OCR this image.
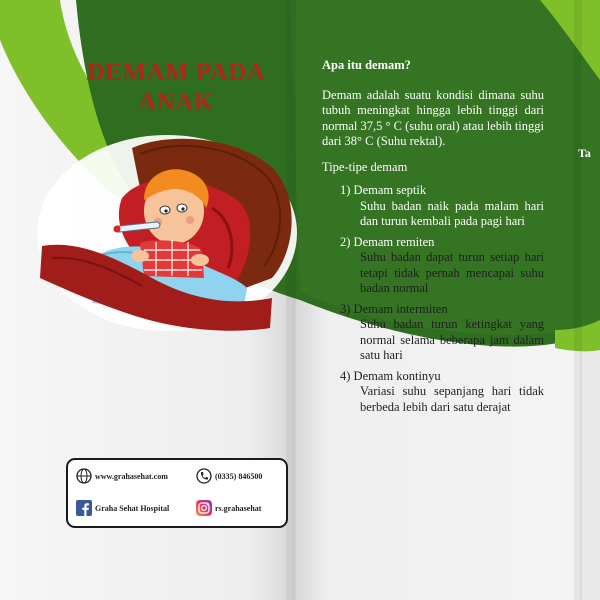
DEMAM PADA
ANAK
www.grahasehat.com	(0335) 846500
Graha Sehat Hospital	rs.grahasehat
Apa itu demam?
Demam adalah suatu kondisi dimana suhu tubuh meningkat hingga lebih tinggi dari normal 37,5 ° C (suhu oral) atau lebih tinggi dari 38° C (Suhu rektal).
Tipe-tipe demam
1) Demam septik
Suhu badan naik pada malam hari dan turun kembali pada pagi hari
2) Demam remiten
Suhu badan dapat turun setiap hari tetapi tidak pernah mencapai suhu badan normal
3) Demam intermiten
Suhu badan turun ketingkat yang normal selama beberapa jam dalam satu hari
4) Demam kontinyu
Variasi suhu sepanjang hari tidak berbeda lebih dari satu derajat
Ta
